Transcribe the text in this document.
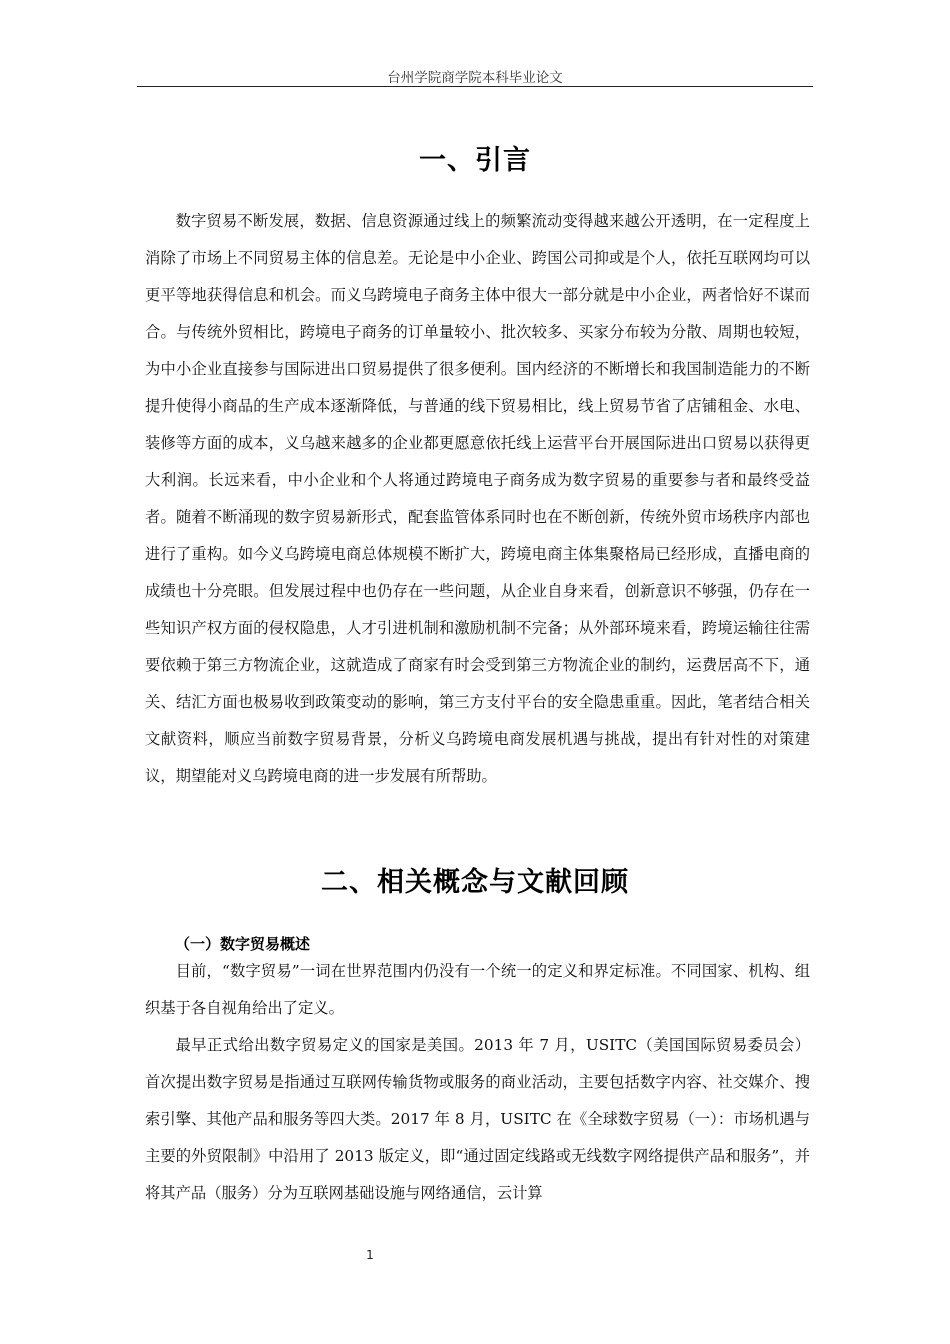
台州学院商学院本科毕业论文
一、引言

数字贸易不断发展，数据、信息资源通过线上的频繁流动变得越来越公开透明，在一定程度上消除了市场上不同贸易主体的信息差。无论是中小企业、跨国公司抑或是个人，依托互联网均可以更平等地获得信息和机会。而义乌跨境电子商务主体中很大一部分就是中小企业，两者恰好不谋而合。与传统外贸相比，跨境电子商务的订单量较小、批次较多、买家分布较为分散、周期也较短，为中小企业直接参与国际进出口贸易提供了很多便利。国内经济的不断增长和我国制造能力的不断提升使得小商品的生产成本逐渐降低，与普通的线下贸易相比，线上贸易节省了店铺租金、水电、装修等方面的成本，义乌越来越多的企业都更愿意依托线上运营平台开展国际进出口贸易以获得更大利润。长远来看，中小企业和个人将通过跨境电子商务成为数字贸易的重要参与者和最终受益者。随着不断涌现的数字贸易新形式，配套监管体系同时也在不断创新，传统外贸市场秩序内部也进行了重构。如今义乌跨境电商总体规模不断扩大，跨境电商主体集聚格局已经形成，直播电商的成绩也十分亮眼。但发展过程中也仍存在一些问题，从企业自身来看，创新意识不够强，仍存在一些知识产权方面的侵权隐患，人才引进机制和激励机制不完备；从外部环境来看，跨境运输往往需要依赖于第三方物流企业，这就造成了商家有时会受到第三方物流企业的制约，运费居高不下，通关、结汇方面也极易收到政策变动的影响，第三方支付平台的安全隐患重重。因此，笔者结合相关文献资料，顺应当前数字贸易背景，分析义乌跨境电商发展机遇与挑战，提出有针对性的对策建议，期望能对义乌跨境电商的进一步发展有所帮助。

二、相关概念与文献回顾
（一）数字贸易概述

目前，“数字贸易”一词在世界范围内仍没有一个统一的定义和界定标准。不同国家、机构、组织基于各自视角给出了定义。

最早正式给出数字贸易定义的国家是美国。2013 年 7 月，USITC（美国国际贸易委员会）首次提出数字贸易是指通过互联网传输货物或服务的商业活动，主要包括数字内容、社交媒介、搜索引擎、其他产品和服务等四大类。2017 年 8 月，USITC 在《全球数字贸易（一）：市场机遇与主要的外贸限制》中沿用了 2013 版定义，即“通过固定线路或无线数字网络提供产品和服务”，并将其产品（服务）分为互联网基础设施与网络通信，云计算

1
